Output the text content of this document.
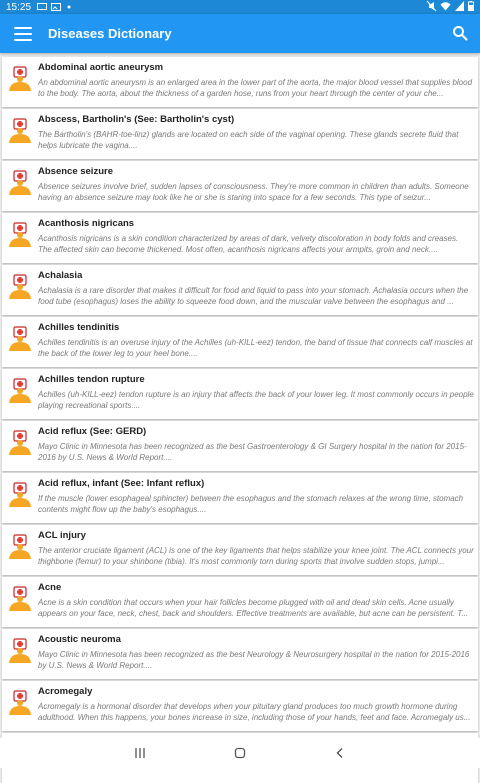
15:25
Diseases Dictionary
Abdominal aortic aneurysm
An abdominal aortic aneurysm is an enlarged area in the lower part of the aorta, the major blood vessel that supplies blood to the body. The aorta, about the thickness of a garden hose, runs from your heart through the center of your che...
Abscess, Bartholin's (See: Bartholin's cyst)
The Bartholin's (BAHR-toe-linz) glands are located on each side of the vaginal opening. These glands secrete fluid that helps lubricate the vagina....
Absence seizure
Absence seizures involve brief, sudden lapses of consciousness. They're more common in children than adults. Someone having an absence seizure may look like he or she is staring into space for a few seconds. This type of seizur...
Acanthosis nigricans
Acanthosis nigricans is a skin condition characterized by areas of dark, velvety discoloration in body folds and creases. The affected skin can become thickened. Most often, acanthosis nigricans affects your armpits, groin and neck....
Achalasia
Achalasia is a rare disorder that makes it difficult for food and liquid to pass into your stomach. Achalasia occurs when the food tube (esophagus) loses the ability to squeeze food down, and the muscular valve between the esophagus and ...
Achilles tendinitis
Achilles tendinitis is an overuse injury of the Achilles (uh-KILL-eez) tendon, the band of tissue that connects calf muscles at the back of the lower leg to your heel bone....
Achilles tendon rupture
Achilles (uh-KILL-eez) tendon rupture is an injury that affects the back of your lower leg. It most commonly occurs in people playing recreational sports....
Acid reflux (See: GERD)
Mayo Clinic in Minnesota has been recognized as the best Gastroenterology & GI Surgery hospital in the nation for 2015-2016 by U.S. News & World Report....
Acid reflux, infant (See: Infant reflux)
If the muscle (lower esophageal sphincter) between the esophagus and the stomach relaxes at the wrong time, stomach contents might flow up the baby's esophagus....
ACL injury
The anterior cruciate ligament (ACL) is one of the key ligaments that helps stabilize your knee joint. The ACL connects your thighbone (femur) to your shinbone (tibia). It's most commonly torn during sports that involve sudden stops, jumpi...
Acne
Acne is a skin condition that occurs when your hair follicles become plugged with oil and dead skin cells. Acne usually appears on your face, neck, chest, back and shoulders. Effective treatments are available, but acne can be persistent. T...
Acoustic neuroma
Mayo Clinic in Minnesota has been recognized as the best Neurology & Neurosurgery hospital in the nation for 2015-2016 by U.S. News & World Report....
Acromegaly
Acromegaly is a hormonal disorder that develops when your pituitary gland produces too much growth hormone during adulthood. When this happens, your bones increase in size, including those of your hands, feet and face. Acromegaly us...
